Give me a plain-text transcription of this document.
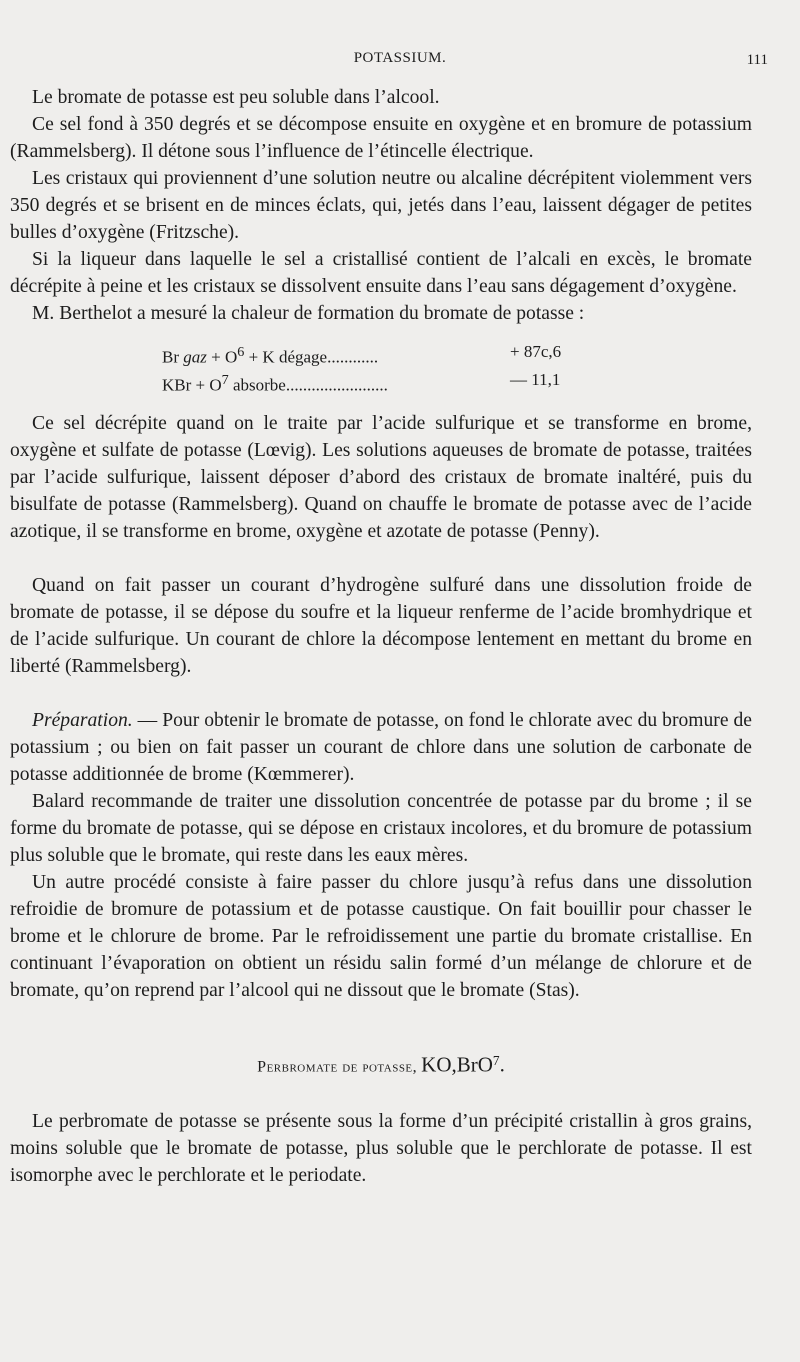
POTASSIUM.	111

Le bromate de potasse est peu soluble dans l’alcool.

Ce sel fond à 350 degrés et se décompose ensuite en oxygène et en bromure de potassium (Rammelsberg). Il détone sous l’influence de l’étincelle électrique.

Les cristaux qui proviennent d’une solution neutre ou alcaline décrépitent violemment vers 350 degrés et se brisent en de minces éclats, qui, jetés dans l’eau, laissent dégager de petites bulles d’oxygène (Fritzsche).

Si la liqueur dans laquelle le sel a cristallisé contient de l’alcali en excès, le bromate décrépite à peine et les cristaux se dissolvent ensuite dans l’eau sans dégagement d’oxygène.

M. Berthelot a mesuré la chaleur de formation du bromate de potasse :

Br gaz + $O^6 + K$ dégage............	+ 87c,6
KBr + $O^7$ absorbe........................	— 11,1

Ce sel décrépite quand on le traite par l’acide sulfurique et se transforme en brome, oxygène et sulfate de potasse (Lœvig). Les solutions aqueuses de bromate de potasse, traitées par l’acide sulfurique, laissent déposer d’abord des cristaux de bromate inaltéré, puis du bisulfate de potasse (Rammelsberg). Quand on chauffe le bromate de potasse avec de l’acide azotique, il se transforme en brome, oxygène et azotate de potasse (Penny).

Quand on fait passer un courant d’hydrogène sulfuré dans une dissolution froide de bromate de potasse, il se dépose du soufre et la liqueur renferme de l’acide bromhydrique et de l’acide sulfurique. Un courant de chlore la décompose lentement en mettant du brome en liberté (Rammelsberg).

Préparation. — Pour obtenir le bromate de potasse, on fond le chlorate avec du bromure de potassium ; ou bien on fait passer un courant de chlore dans une solution de carbonate de potasse additionnée de brome (Kœmmerer).

Balard recommande de traiter une dissolution concentrée de potasse par du brome ; il se forme du bromate de potasse, qui se dépose en cristaux incolores, et du bromure de potassium plus soluble que le bromate, qui reste dans les eaux mères.

Un autre procédé consiste à faire passer du chlore jusqu’à refus dans une dissolution refroidie de bromure de potassium et de potasse caustique. On fait bouillir pour chasser le brome et le chlorure de brome. Par le refroidissement une partie du bromate cristallise. En continuant l’évaporation on obtient un résidu salin formé d’un mélange de chlorure et de bromate, qu’on reprend par l’alcool qui ne dissout que le bromate (Stas).

Perbromate de potasse, KO,BrO$^7$.

Le perbromate de potasse se présente sous la forme d’un précipité cristallin à gros grains, moins soluble que le bromate de potasse, plus soluble que le perchlorate de potasse. Il est isomorphe avec le perchlorate et le periodate.
